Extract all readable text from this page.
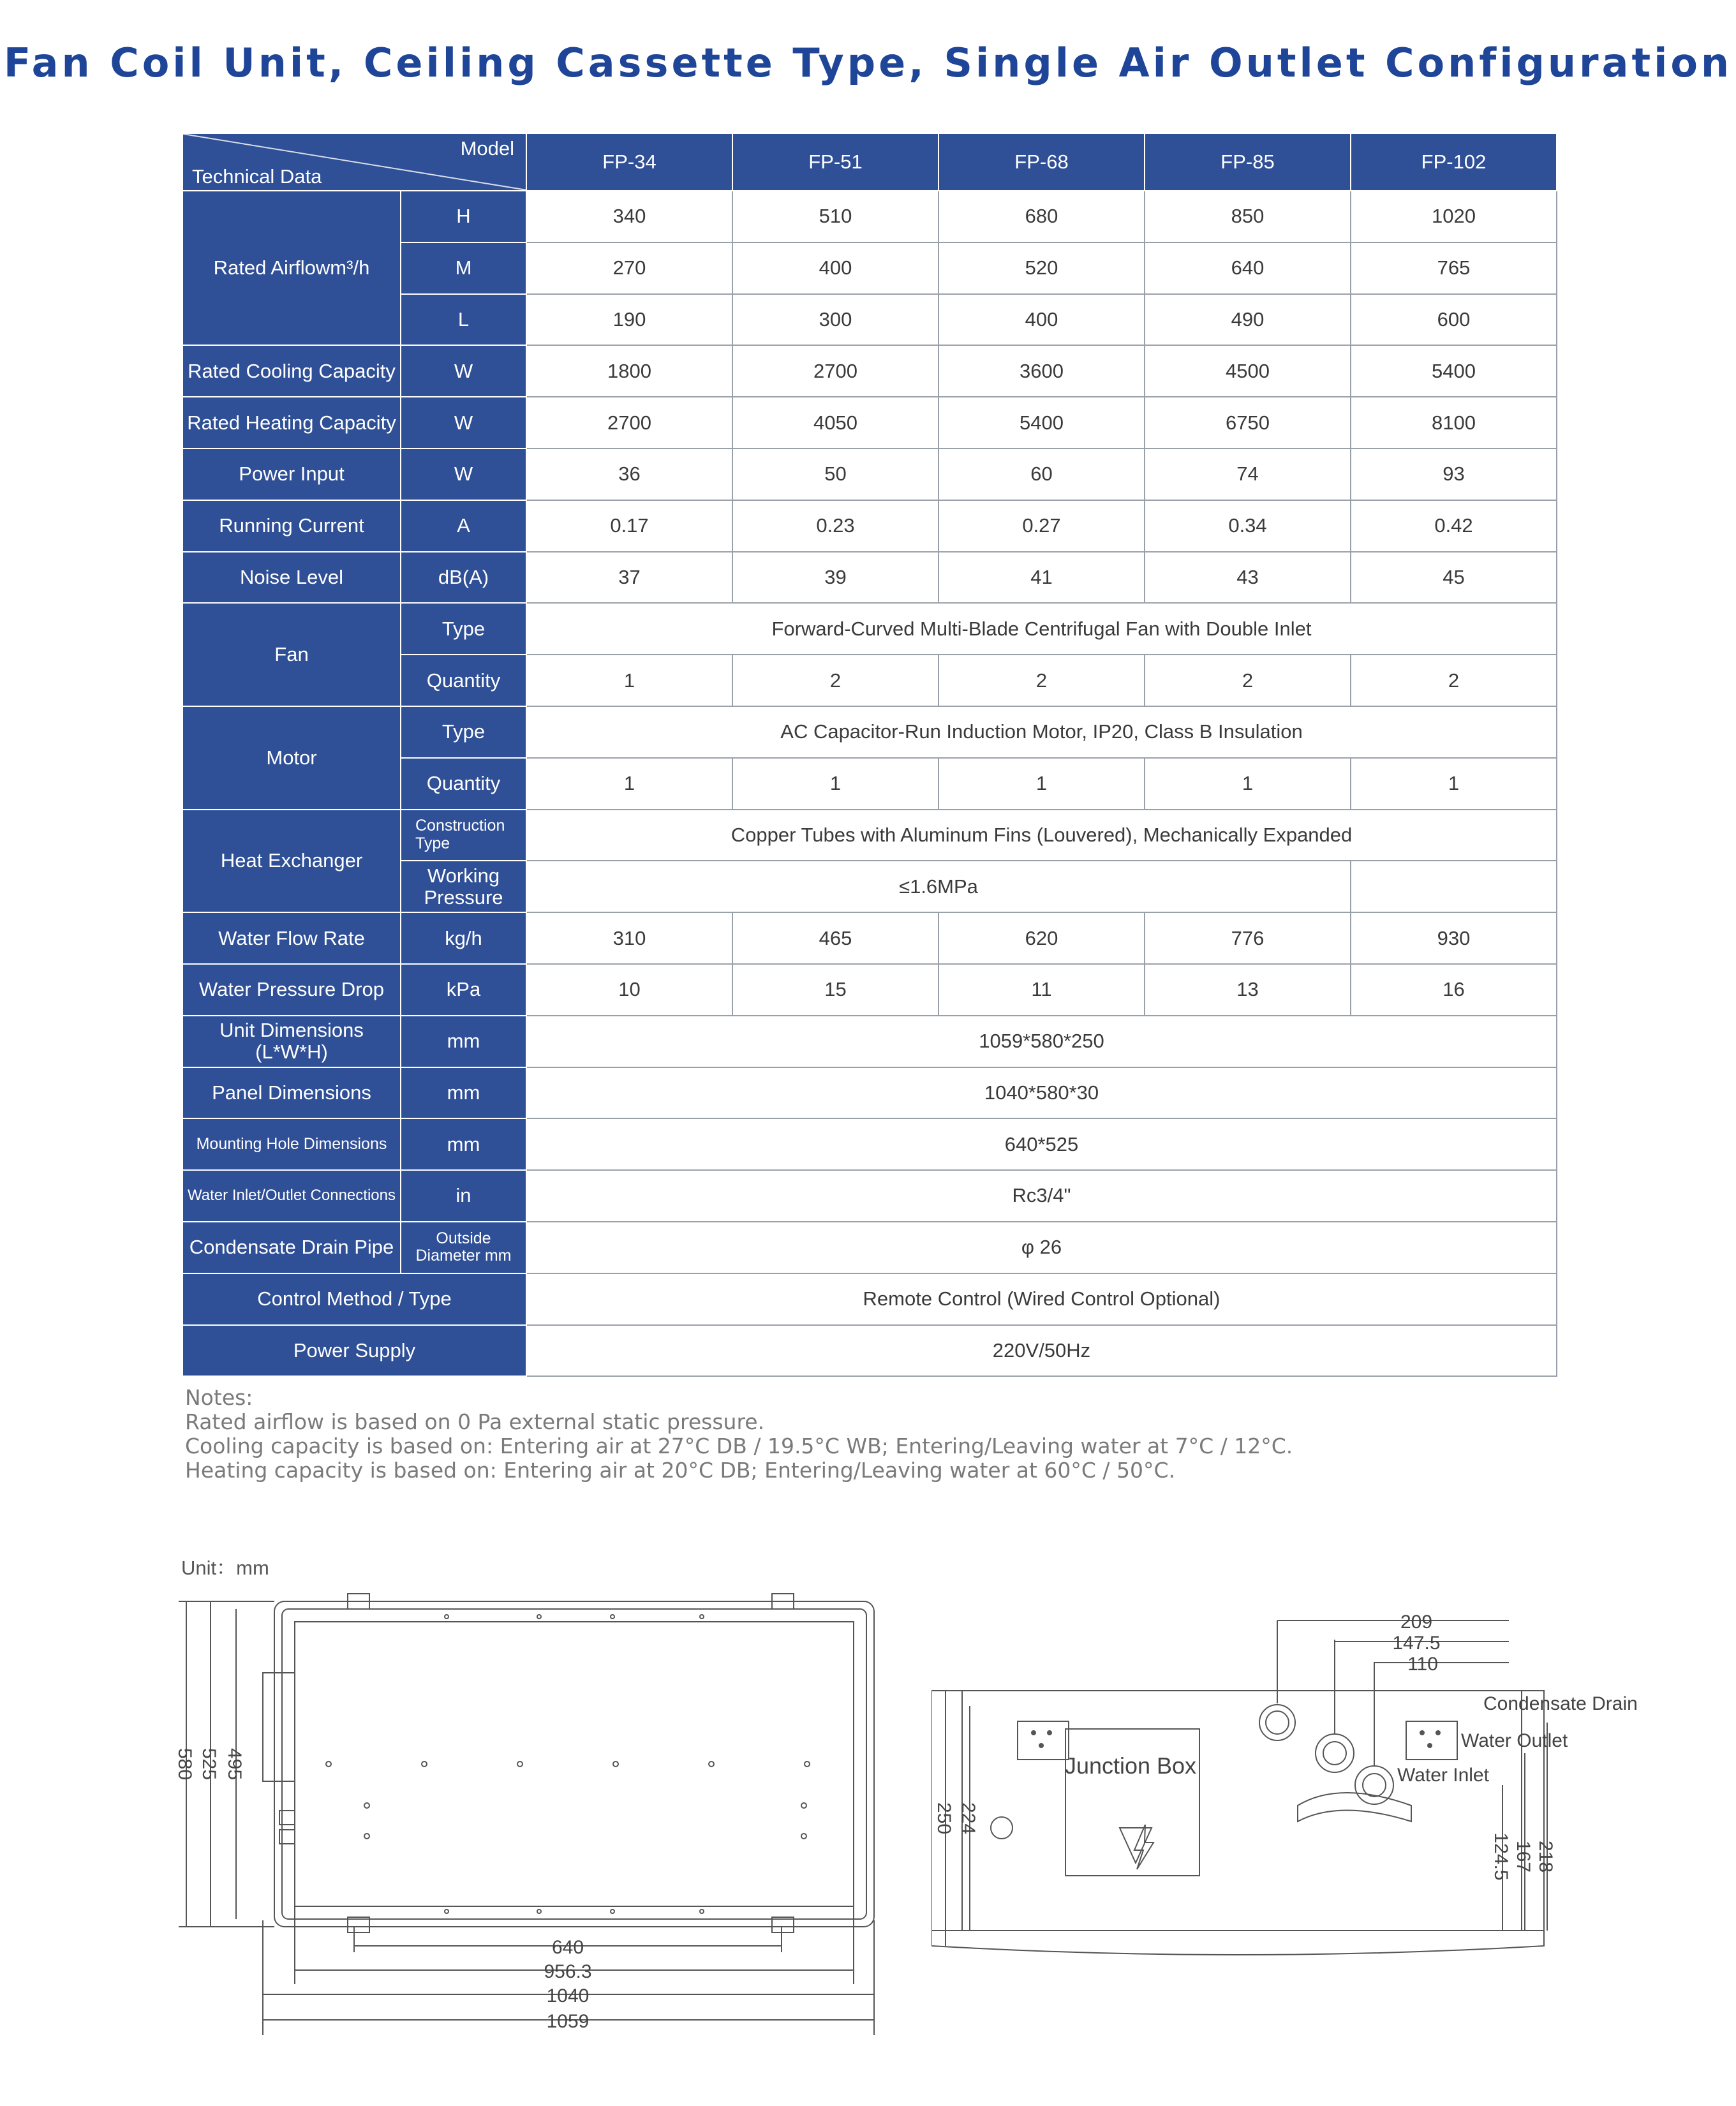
Fan Coil Unit, Ceiling Cassette Type, Single Air Outlet Configuration
Model
Technical Data		FP-34	FP-51	FP-68	FP-85	FP-102
Rated Airflowm³/h	H	340	510	680	850	1020
	M	270	400	520	640	765
	L	190	300	400	490	600
Rated Cooling Capacity	W	1800	2700	3600	4500	5400
Rated Heating Capacity	W	2700	4050	5400	6750	8100
Power Input	W	36	50	60	74	93
Running Current	A	0.17	0.23	0.27	0.34	0.42
Noise Level	dB(A)	37	39	41	43	45
Fan	Type	Forward-Curved Multi-Blade Centrifugal Fan with Double Inlet				
	Quantity	1	2	2	2	2
Motor	Type	AC Capacitor-Run Induction Motor, IP20, Class B Insulation				
	Quantity	1	1	1	1	1
Heat Exchanger	Construction Type	Copper Tubes with Aluminum Fins (Louvered), Mechanically Expanded				
	Working Pressure	≤1.6MPa				
Water Flow Rate	kg/h	310	465	620	776	930
Water Pressure Drop	kPa	10	15	11	13	16
Unit Dimensions (L*W*H)	mm	1059*580*250				
Panel Dimensions	mm	1040*580*30				
Mounting Hole Dimensions	mm	640*525				
Water Inlet/Outlet Connections	in	Rc3/4"				
Condensate Drain Pipe	Outside Diameter mm	φ 26				
Control Method / Type		Remote Control (Wired Control Optional)				
Power Supply		220V/50Hz				
Notes:
Rated airflow is based on 0 Pa external static pressure.
Cooling capacity is based on: Entering air at 27°C DB / 19.5°C WB; Entering/Leaving water at 7°C / 12°C.
Heating capacity is based on: Entering air at 20°C DB; Entering/Leaving water at 60°C / 50°C.
Unit：mm
640
956.3
1040
1059
580 525 495	Junction Box
209
147.5
110
Condensate Drain
Water Outlet
Water Inlet
250 224
124.5 167 218
